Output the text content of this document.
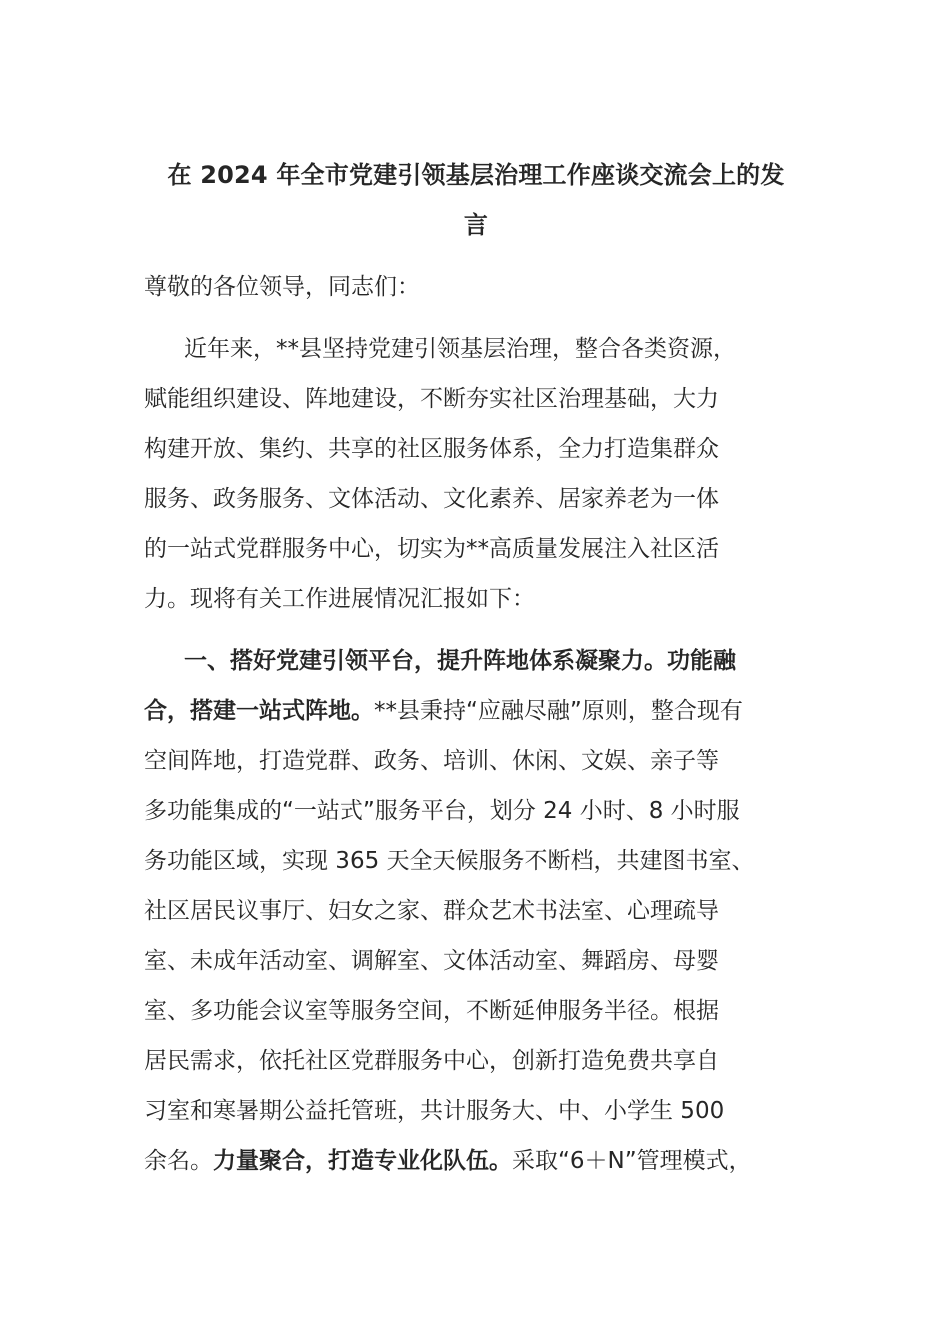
在 2024 年全市党建引领基层治理工作座谈交流会上的发
言

尊敬的各位领导，同志们：

近年来，**县坚持党建引领基层治理，整合各类资源，
赋能组织建设、阵地建设，不断夯实社区治理基础，大力
构建开放、集约、共享的社区服务体系，全力打造集群众
服务、政务服务、文体活动、文化素养、居家养老为一体
的一站式党群服务中心，切实为**高质量发展注入社区活
力。现将有关工作进展情况汇报如下：

一、搭好党建引领平台，提升阵地体系凝聚力。功能融
合，搭建一站式阵地。**县秉持“应融尽融”原则，整合现有
空间阵地，打造党群、政务、培训、休闲、文娱、亲子等
多功能集成的“一站式”服务平台，划分 24 小时、8 小时服
务功能区域，实现 365 天全天候服务不断档，共建图书室、
社区居民议事厅、妇女之家、群众艺术书法室、心理疏导
室、未成年活动室、调解室、文体活动室、舞蹈房、母婴
室、多功能会议室等服务空间，不断延伸服务半径。根据
居民需求，依托社区党群服务中心，创新打造免费共享自
习室和寒暑期公益托管班，共计服务大、中、小学生 500
余名。力量聚合，打造专业化队伍。采取“6＋N”管理模式，
